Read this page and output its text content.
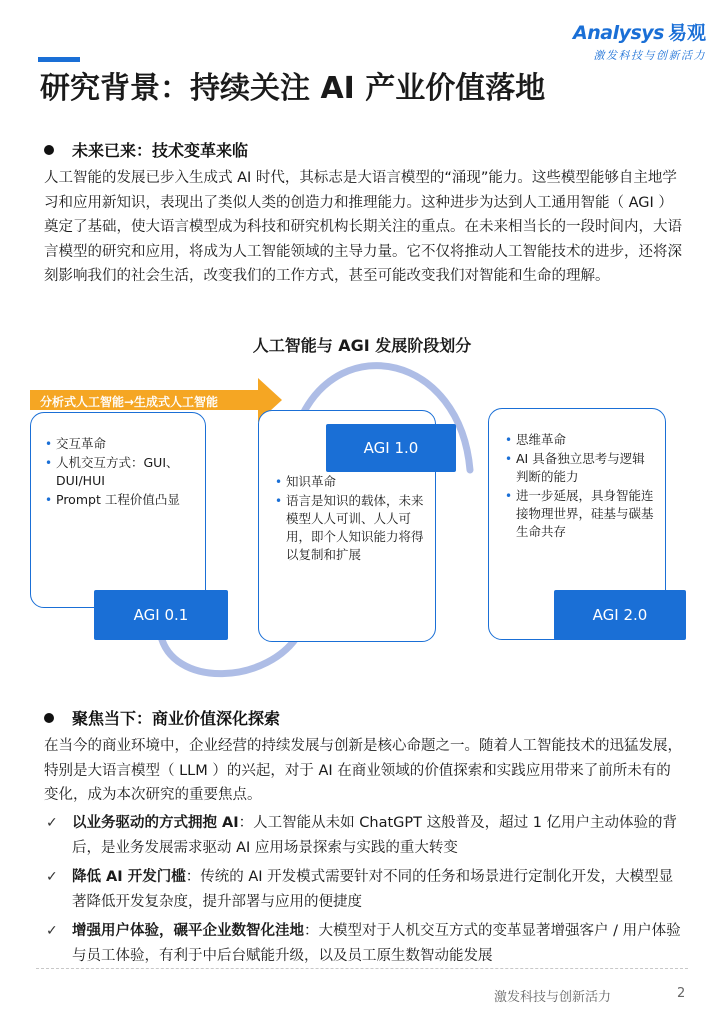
A nalysys 易观
激发科技与创新活力
研究背景：持续关注 AI 产业价值落地
未来已来：技术变革来临
人工智能的发展已步入生成式 AI 时代，其标志是大语言模型的“涌现”能力。这些模型能够自主地学习和应用新知识，表现出了类似人类的创造力和推理能力。这种进步为达到人工通用智能（ AGI ）奠定了基础，使大语言模型成为科技和研究机构长期关注的重点。在未来相当长的一段时间内，大语言模型的研究和应用，将成为人工智能领域的主导力量。它不仅将推动人工智能技术的进步，还将深刻影响我们的社会生活，改变我们的工作方式，甚至可能改变我们对智能和生命的理解。
人工智能与 AGI 发展阶段划分
分析式人工智能→生成式人工智能
• 交互革命
• 人机交互方式：GUI、DUI/HUI
• Prompt 工程价值凸显
AGI 0.1
• 知识革命
• 语言是知识的载体，未来模型人人可训、人人可用，即个人知识能力将得以复制和扩展
AGI 1.0
•	思维革命
• AI 具备独立思考与逻辑判断的能力
• 进一步延展，具身智能连接物理世界，硅基与碳基生命共存
AGI 2.0
聚焦当下：商业价值深化探索
在当今的商业环境中，企业经营的持续发展与创新是核心命题之一。随着人工智能技术的迅猛发展，特别是大语言模型（ LLM ）的兴起，对于 AI 在商业领域的价值探索和实践应用带来了前所未有的变化，成为本次研究的重要焦点。
✓ 以业务驱动的方式拥抱 AI：人工智能从未如 ChatGPT 这般普及，超过 1 亿用户主动体验的背后，是业务发展需求驱动 AI 应用场景探索与实践的重大转变
✓ 降低 AI 开发门槛：传统的 AI 开发模式需要针对不同的任务和场景进行定制化开发，大模型显著降低开发复杂度，提升部署与应用的便捷度
✓ 增强用户体验，碾平企业数智化洼地：大模型对于人机交互方式的变革显著增强客户 / 用户体验与员工体验，有利于中后台赋能升级，以及员工原生数智动能发展
激发科技与创新活力	2
